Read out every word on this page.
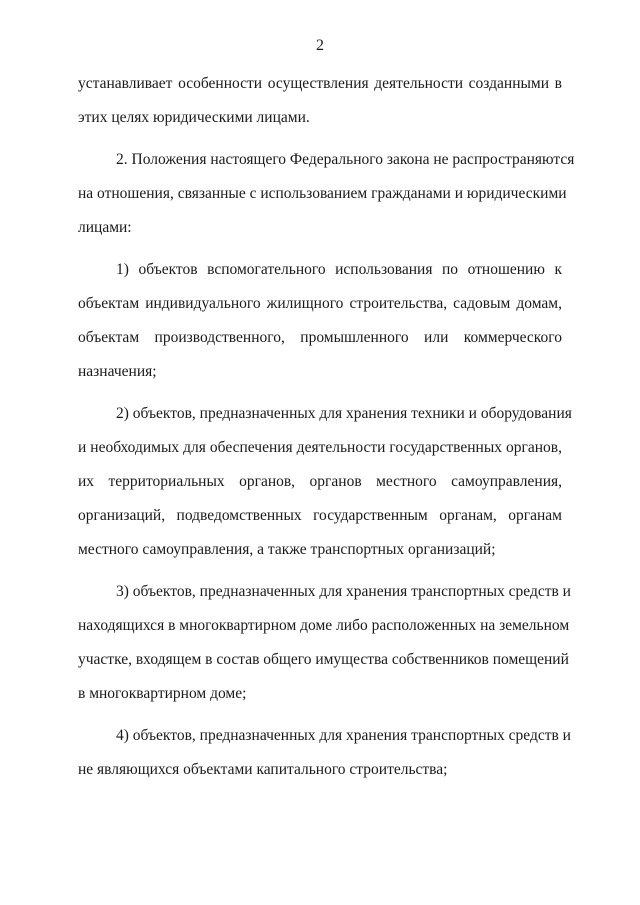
2
устанавливает особенности осуществления деятельности созданными в
этих целях юридическими лицами.
2. Положения настоящего Федерального закона не распространяются
на отношения, связанные с использованием гражданами и юридическими
лицами:
1) объектов вспомогательного использования по отношению к
объектам индивидуального жилищного строительства, садовым домам,
объектам производственного, промышленного или коммерческого
назначения;
2) объектов, предназначенных для хранения техники и оборудования
и необходимых для обеспечения деятельности государственных органов,
их территориальных органов, органов местного самоуправления,
организаций, подведомственных государственным органам, органам
местного самоуправления, а также транспортных организаций;
3) объектов, предназначенных для хранения транспортных средств и
находящихся в многоквартирном доме либо расположенных на земельном
участке, входящем в состав общего имущества собственников помещений
в многоквартирном доме;
4) объектов, предназначенных для хранения транспортных средств и
не являющихся объектами капитального строительства;
